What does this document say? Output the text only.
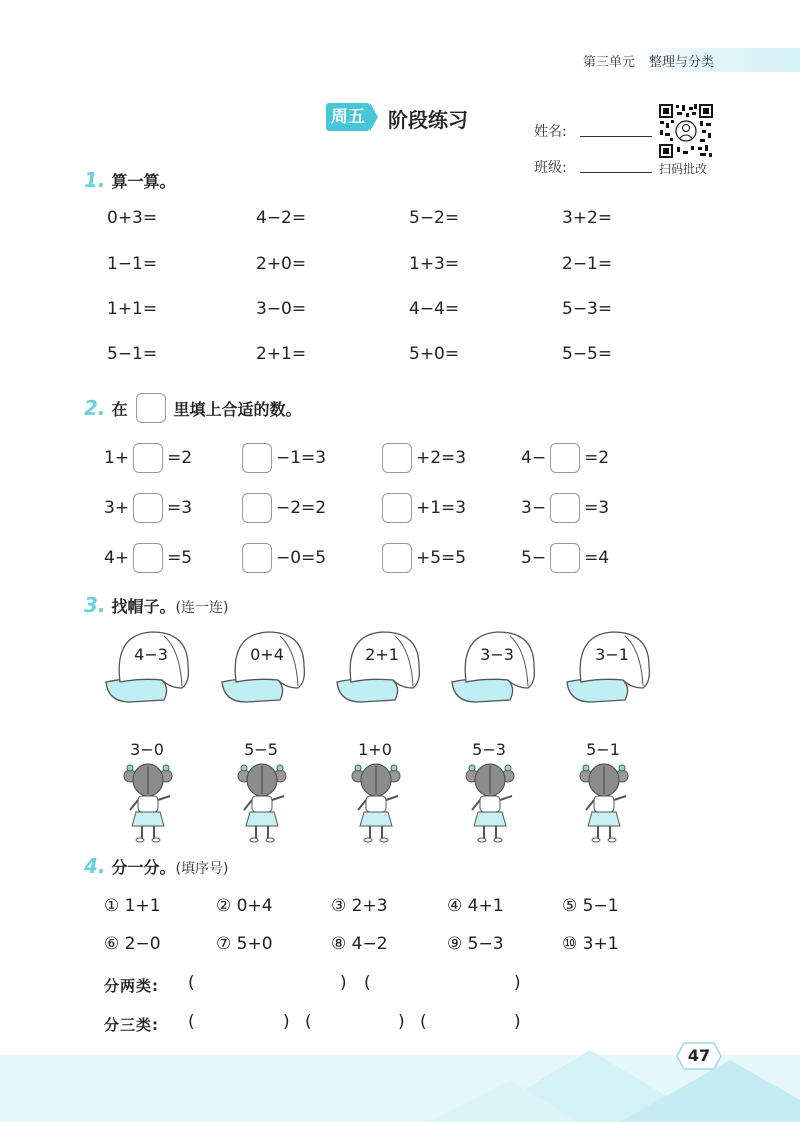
第三单元 整理与分类
周五 阶段练习	姓名:
班级:	扫码批改
1. 算一算。
0+3=	4−2=	5−2=	3+2=
1−1=	2+0=	1+3=	2−1=
1+1=	3−0=	4−4=	5−3=
5−1=	2+1=	5+0=	5−5=
2. 在	里填上合适的数。
1+ =2	−1=3	+2=3	4− =2
3+ =3	−2=2	+1=3	3− =3
4+ =5	−0=5	+5=5	5− =4
3. 找帽子。 (连一连)
4−3	0+4	2+1	3−3	3−1
3−0	5−5	1+0	5−3	5−1
4. 分一分。 (填序号)
① 1+1	② 0+4	③ 2+3	④ 4+1	⑤ 5−1
⑥ 2−0	⑦ 5+0	⑧ 4−2	⑨ 5−3	⑩ 3+1
分两类: (	) (	)
分三类: (	) (	) (	)
47
